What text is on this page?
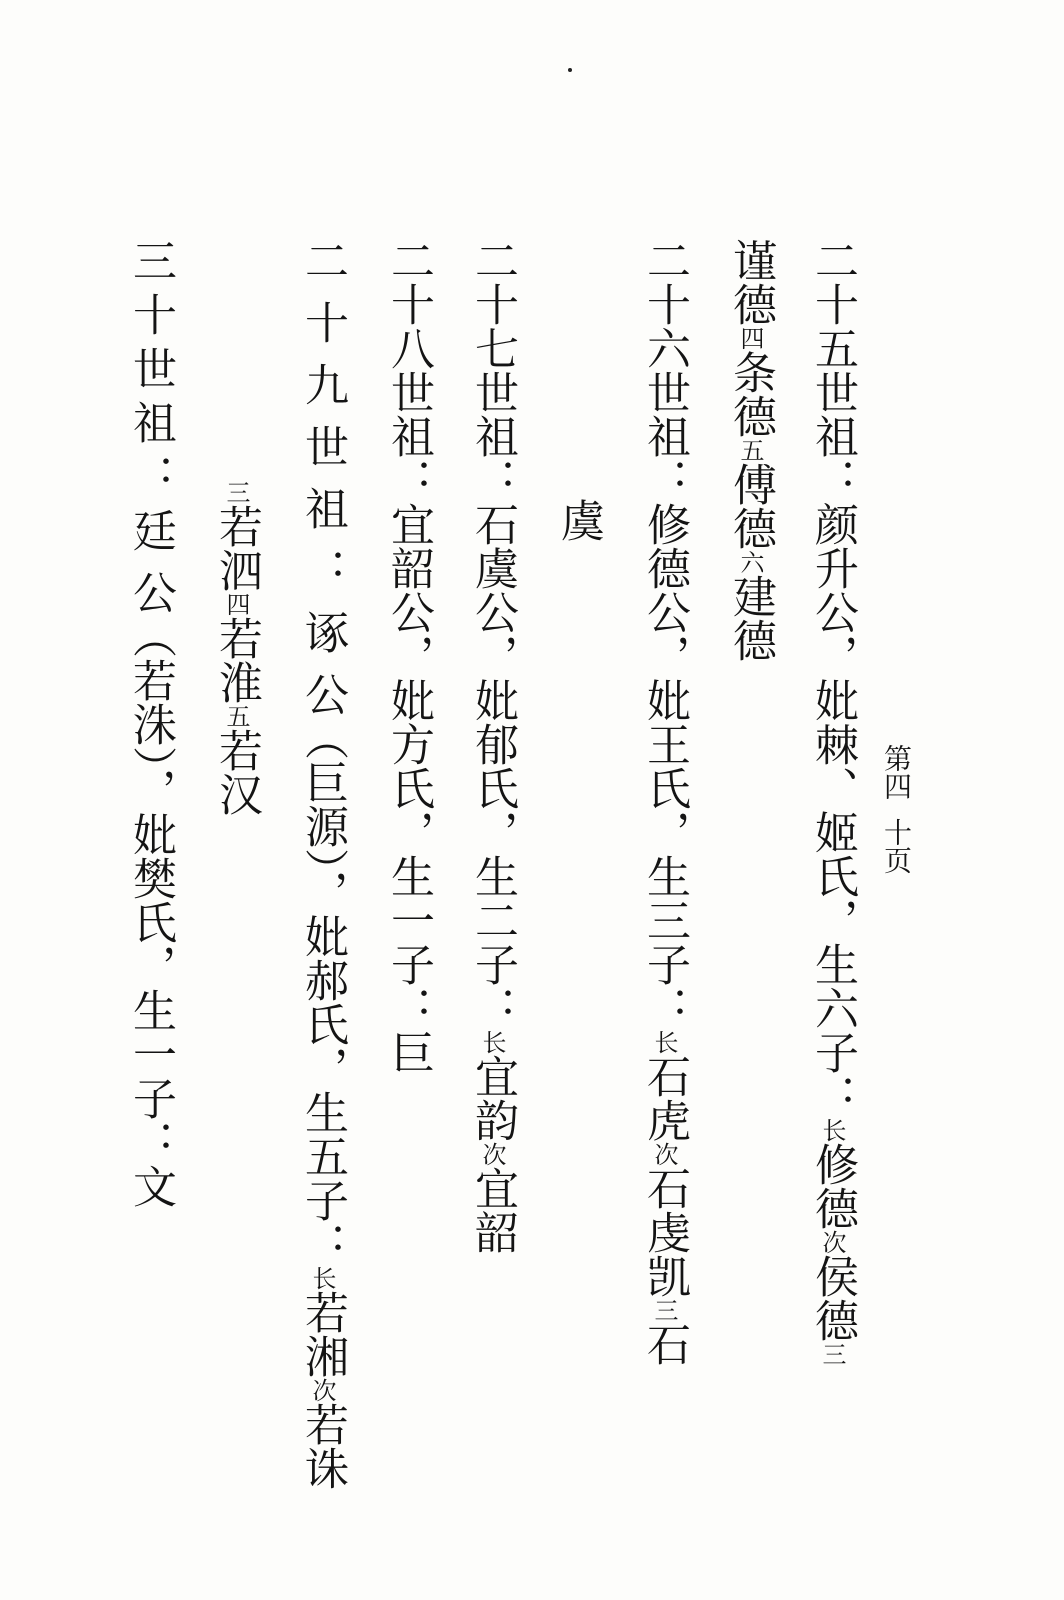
第四十页
二十五世祖：颜升公，妣棘、姬氏，生六子：长修德次侯德三
谨德四条德五傅德六建德
二十六世祖：修德公，妣王氏，生三子：长石虎次石虔凯三石
虞
二十七世祖：石虞公，妣郁氏，生二子：长宜韵次宜韶
二十八世祖：宜韶公，妣方氏，生一子：巨
二十九世祖：诼公（巨源），妣郝氏，生五子：长若湘次若诛
三若泗四若淮五若汉
三十世祖：廷公（若洙），妣樊氏，生一子：文
